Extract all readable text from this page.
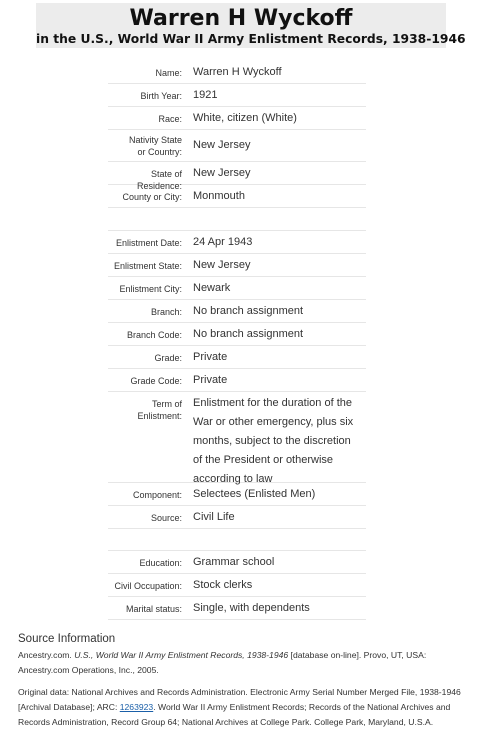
Warren H Wyckoff
in the U.S., World War II Army Enlistment Records, 1938-1946
Name:	Warren H Wyckoff
Birth Year:	1921
Race:	White, citizen (White)
Nativity State or Country:
New Jersey
State of Residence:
New Jersey
County or City:	Monmouth
Enlistment Date:	24 Apr 1943
Enlistment State:	New Jersey
Enlistment City:	Newark
Branch:	No branch assignment
Branch Code:	No branch assignment
Grade:	Private
Grade Code:	Private
Term of Enlistment:
Enlistment for the duration of the War or other emergency, plus six months, subject to the discretion of the President or otherwise according to law
Component:	Selectees (Enlisted Men)
Source:	Civil Life
Education:	Grammar school
Civil Occupation:	Stock clerks
Marital status:	Single, with dependents
Source Information

Ancestry.com. U.S., World War II Army Enlistment Records, 1938-1946 [database on-line]. Provo, UT, USA: Ancestry.com Operations, Inc., 2005.

Original data: National Archives and Records Administration. Electronic Army Serial Number Merged File, 1938-1946 [Archival Database]; ARC: 1263923. World War II Army Enlistment Records; Records of the National Archives and Records Administration, Record Group 64; National Archives at College Park. College Park, Maryland, U.S.A.
